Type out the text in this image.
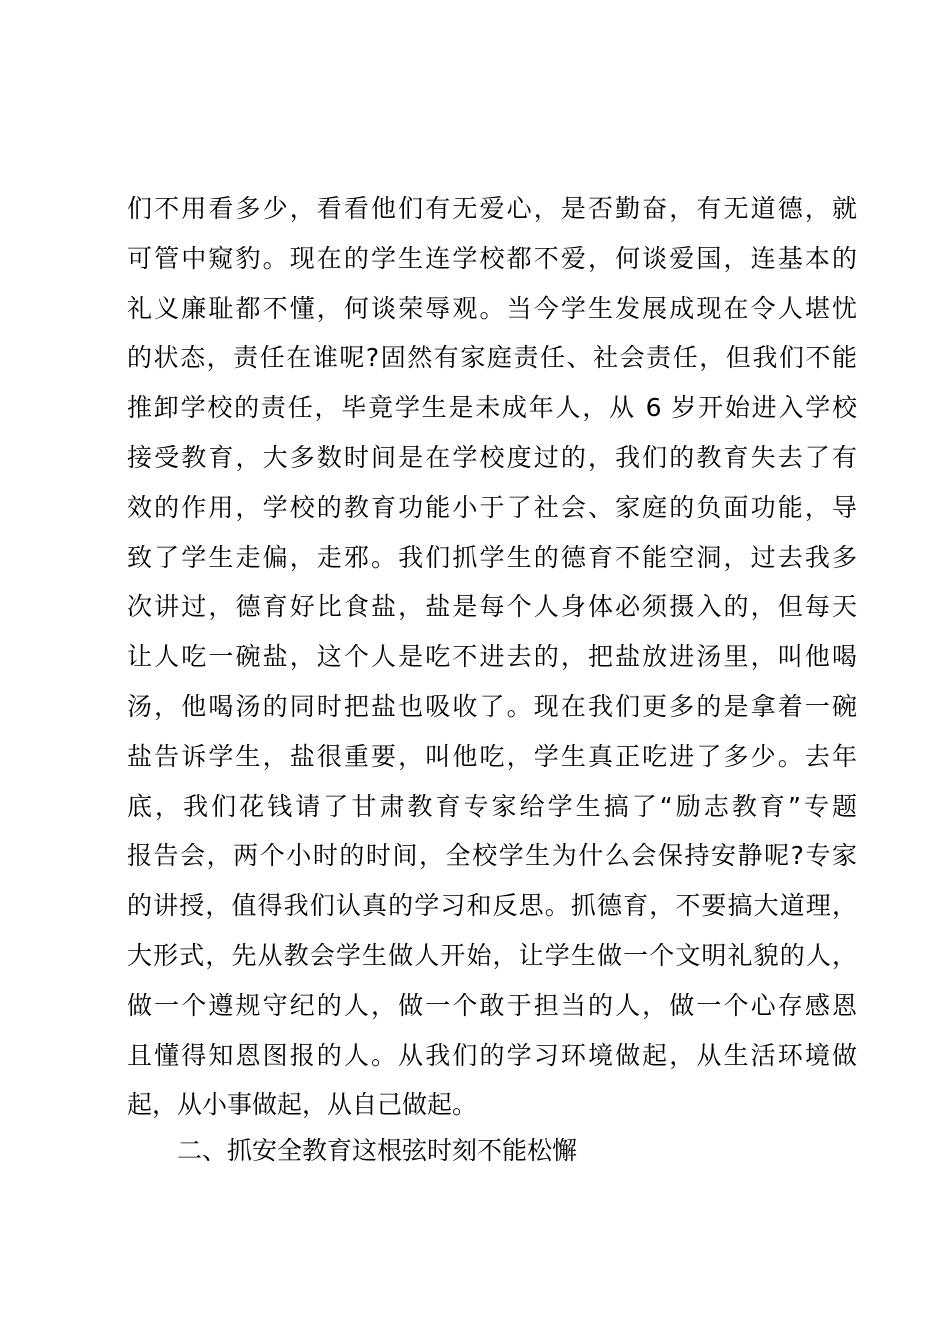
们不用看多少，看看他们有无爱心，是否勤奋，有无道德，就
可管中窥豹。现在的学生连学校都不爱，何谈爱国，连基本的
礼义廉耻都不懂，何谈荣辱观。当今学生发展成现在令人堪忧
的状态，责任在谁呢?固然有家庭责任、社会责任，但我们不能
推卸学校的责任，毕竟学生是未成年人，从 6 岁开始进入学校
接受教育，大多数时间是在学校度过的，我们的教育失去了有
效的作用，学校的教育功能小于了社会、家庭的负面功能，导
致了学生走偏，走邪。我们抓学生的德育不能空洞，过去我多
次讲过，德育好比食盐，盐是每个人身体必须摄入的，但每天
让人吃一碗盐，这个人是吃不进去的，把盐放进汤里，叫他喝
汤，他喝汤的同时把盐也吸收了。现在我们更多的是拿着一碗
盐告诉学生，盐很重要，叫他吃，学生真正吃进了多少。去年
底，我们花钱请了甘肃教育专家给学生搞了“励志教育”专题
报告会，两个小时的时间，全校学生为什么会保持安静呢?专家
的讲授，值得我们认真的学习和反思。抓德育，不要搞大道理，
大形式，先从教会学生做人开始，让学生做一个文明礼貌的人，
做一个遵规守纪的人，做一个敢于担当的人，做一个心存感恩
且懂得知恩图报的人。从我们的学习环境做起，从生活环境做
起，从小事做起，从自己做起。
二、抓安全教育这根弦时刻不能松懈
